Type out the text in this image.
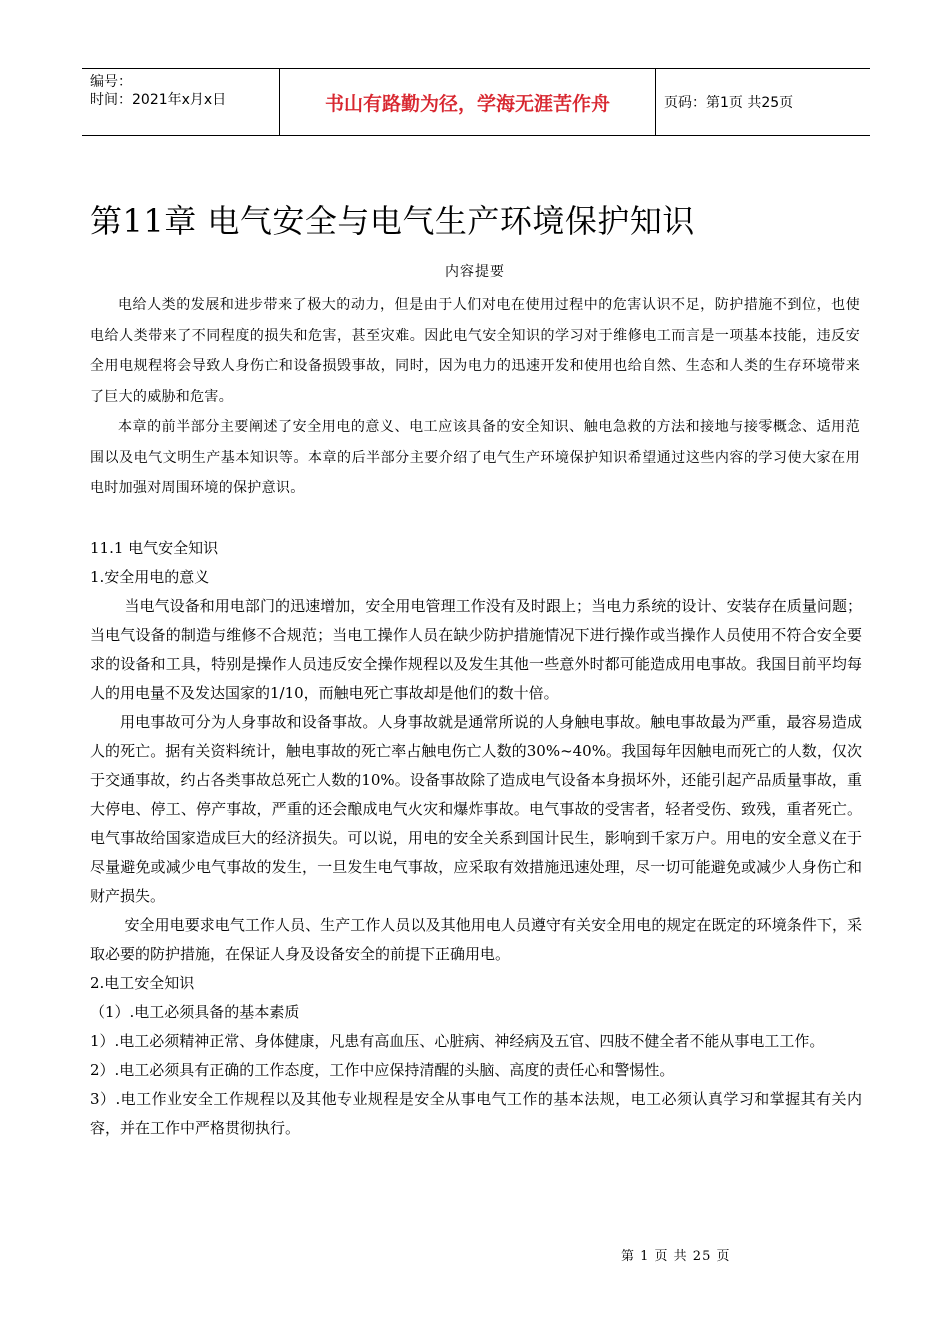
编号：
时间：2021年x月x日	书山有路勤为径，学海无涯苦作舟	页码：第1页 共25页
第11章 电气安全与电气生产环境保护知识
内容提要

电给人类的发展和进步带来了极大的动力，但是由于人们对电在使用过程中的危害认识不足，防护措施不到位，也使电给人类带来了不同程度的损失和危害，甚至灾难。因此电气安全知识的学习对于维修电工而言是一项基本技能，违反安全用电规程将会导致人身伤亡和设备损毁事故，同时，因为电力的迅速开发和使用也给自然、生态和人类的生存环境带来了巨大的威胁和危害。

本章的前半部分主要阐述了安全用电的意义、电工应该具备的安全知识、触电急救的方法和接地与接零概念、适用范围以及电气文明生产基本知识等。本章的后半部分主要介绍了电气生产环境保护知识希望通过这些内容的学习使大家在用电时加强对周围环境的保护意识。

11.1 电气安全知识

1.安全用电的意义

当电气设备和用电部门的迅速增加，安全用电管理工作没有及时跟上；当电力系统的设计、安装存在质量问题；当电气设备的制造与维修不合规范；当电工操作人员在缺少防护措施情况下进行操作或当操作人员使用不符合安全要求的设备和工具，特别是操作人员违反安全操作规程以及发生其他一些意外时都可能造成用电事故。我国目前平均每人的用电量不及发达国家的1/10，而触电死亡事故却是他们的数十倍。

用电事故可分为人身事故和设备事故。人身事故就是通常所说的人身触电事故。触电事故最为严重，最容易造成人的死亡。据有关资料统计，触电事故的死亡率占触电伤亡人数的30%~40%。我国每年因触电而死亡的人数，仅次于交通事故，约占各类事故总死亡人数的10%。设备事故除了造成电气设备本身损坏外，还能引起产品质量事故，重大停电、停工、停产事故，严重的还会酿成电气火灾和爆炸事故。电气事故的受害者，轻者受伤、致残，重者死亡。电气事故给国家造成巨大的经济损失。可以说，用电的安全关系到国计民生，影响到千家万户。用电的安全意义在于尽量避免或减少电气事故的发生，一旦发生电气事故，应采取有效措施迅速处理，尽一切可能避免或减少人身伤亡和财产损失。

安全用电要求电气工作人员、生产工作人员以及其他用电人员遵守有关安全用电的规定在既定的环境条件下，采取必要的防护措施，在保证人身及设备安全的前提下正确用电。

2.电工安全知识

（1）.电工必须具备的基本素质

1）.电工必须精神正常、身体健康，凡患有高血压、心脏病、神经病及五官、四肢不健全者不能从事电工工作。

2）.电工必须具有正确的工作态度，工作中应保持清醒的头脑、高度的责任心和警惕性。

3）.电工作业安全工作规程以及其他专业规程是安全从事电气工作的基本法规，电工必须认真学习和掌握其有关内容，并在工作中严格贯彻执行。

第 1 页 共 25 页
